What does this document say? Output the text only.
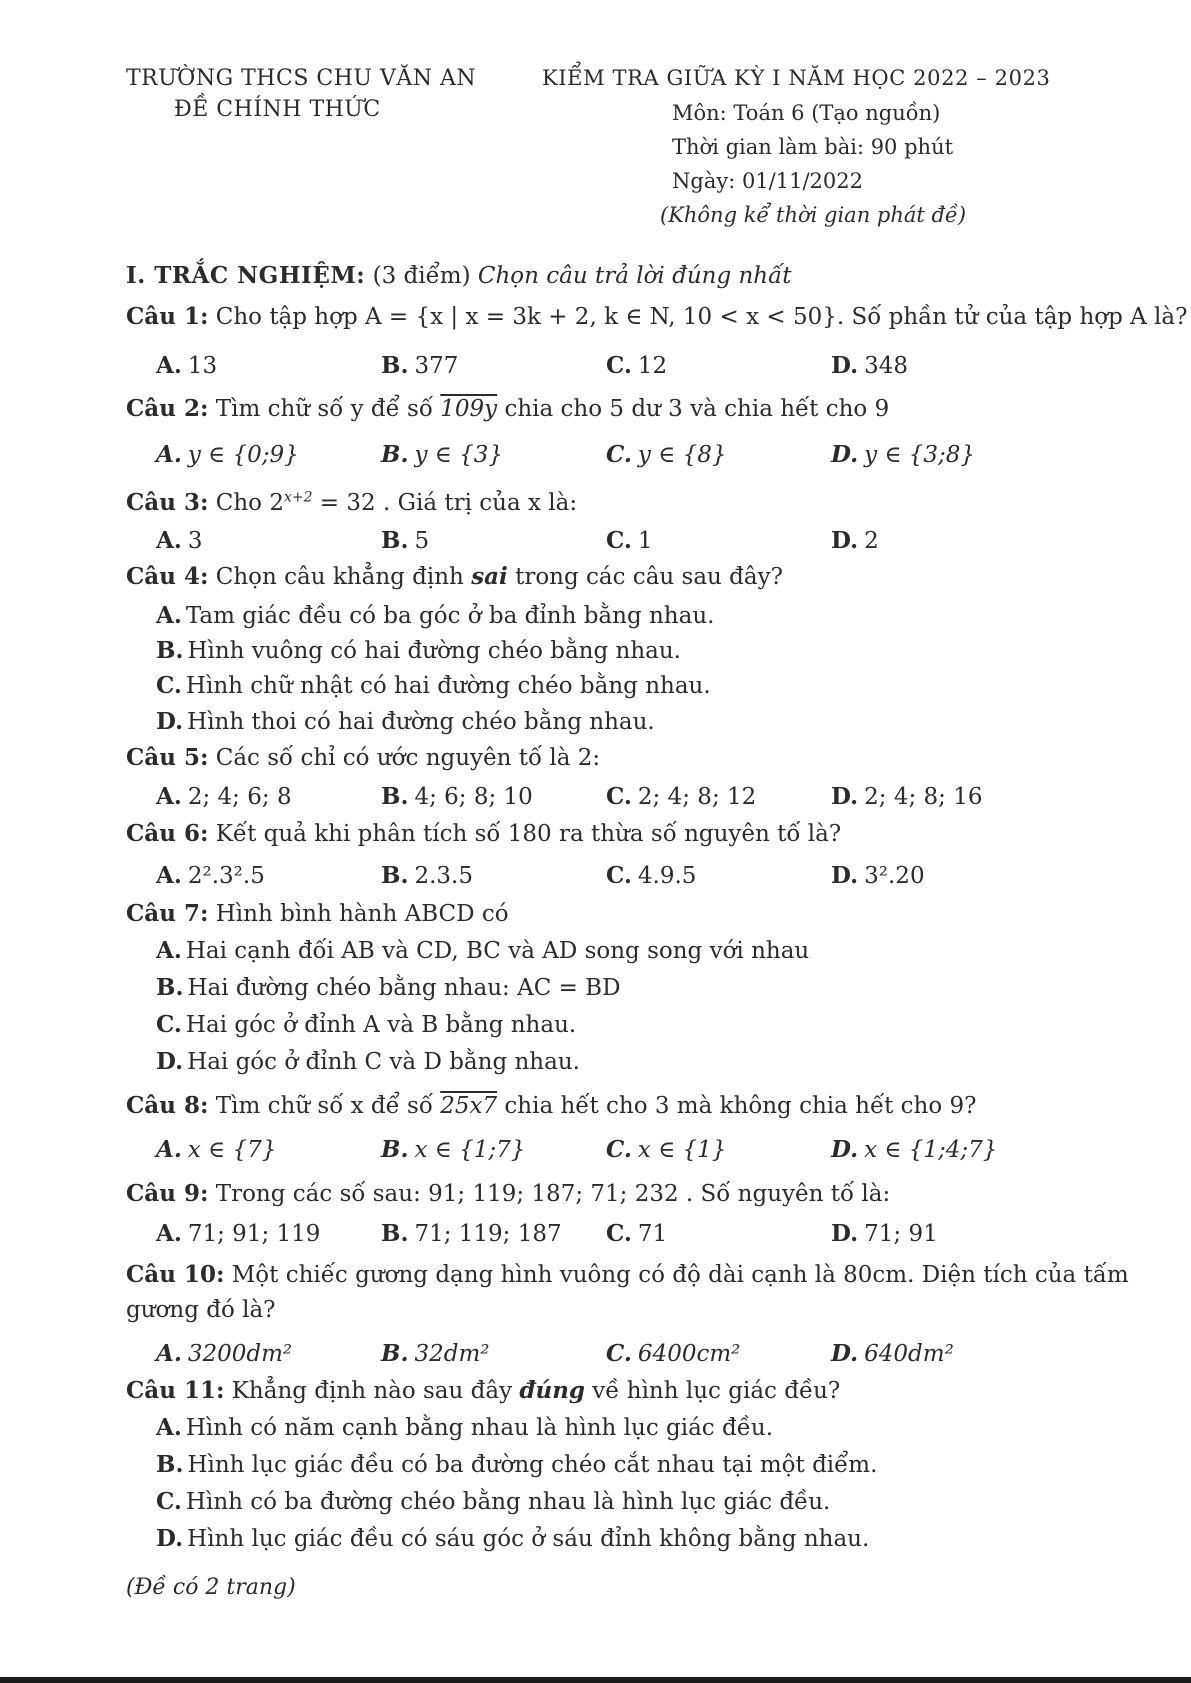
TRƯỜNG THCS CHU VĂN AN
ĐỀ CHÍNH THỨC
KIỂM TRA GIỮA KỲ I NĂM HỌC 2022 – 2023
Môn: Toán 6 (Tạo nguồn)
Thời gian làm bài: 90 phút
Ngày: 01/11/2022
(Không kể thời gian phát đề)
I. TRẮC NGHIỆM: (3 điểm) Chọn câu trả lời đúng nhất
Câu 1: Cho tập hợp A = {x | x = 3k + 2, k ∈ N, 10 < x < 50}. Số phần tử của tập hợp A là?
A. 13	B. 377	C. 12	D. 348
Câu 2: Tìm chữ số y để số 109y chia cho 5 dư 3 và chia hết cho 9
A. y ∈ {0;9}	B. y ∈ {3}	C. y ∈ {8}	D. y ∈ {3;8}
Câu 3: Cho $2^{x+2} = 32$ . Giá trị của x là:
A. 3	B. 5	C. 1	D. 2
Câu 4: Chọn câu khẳng định sai trong các câu sau đây?
A. Tam giác đều có ba góc ở ba đỉnh bằng nhau.
B. Hình vuông có hai đường chéo bằng nhau.
C. Hình chữ nhật có hai đường chéo bằng nhau.
D. Hình thoi có hai đường chéo bằng nhau.
Câu 5: Các số chỉ có ước nguyên tố là 2:
A. 2; 4; 6; 8	B. 4; 6; 8; 10	C. 2; 4; 8; 12	D. 2; 4; 8; 16
Câu 6: Kết quả khi phân tích số 180 ra thừa số nguyên tố là?
A. 2².3².5	B. 2.3.5	C. 4.9.5	D. 3².20
Câu 7: Hình bình hành ABCD có
A. Hai cạnh đối AB và CD, BC và AD song song với nhau
B. Hai đường chéo bằng nhau: AC = BD
C. Hai góc ở đỉnh A và B bằng nhau.
D. Hai góc ở đỉnh C và D bằng nhau.
Câu 8: Tìm chữ số x để số 25x7 chia hết cho 3 mà không chia hết cho 9?
A. x ∈ {7}	B. x ∈ {1;7}	C. x ∈ {1}	D. x ∈ {1;4;7}
Câu 9: Trong các số sau: 91; 119; 187; 71; 232 . Số nguyên tố là:
A. 71; 91; 119	B. 71; 119; 187 C. 71	D. 71; 91
Câu 10: Một chiếc gương dạng hình vuông có độ dài cạnh là 80cm. Diện tích của tấm
gương đó là?
A. 3200dm²	B. 32dm²	C. 6400cm²	D. 640dm²
Câu 11: Khẳng định nào sau đây đúng về hình lục giác đều?
A. Hình có năm cạnh bằng nhau là hình lục giác đều.
B. Hình lục giác đều có ba đường chéo cắt nhau tại một điểm.
C. Hình có ba đường chéo bằng nhau là hình lục giác đều.
D. Hình lục giác đều có sáu góc ở sáu đỉnh không bằng nhau.
(Đề có 2 trang)
